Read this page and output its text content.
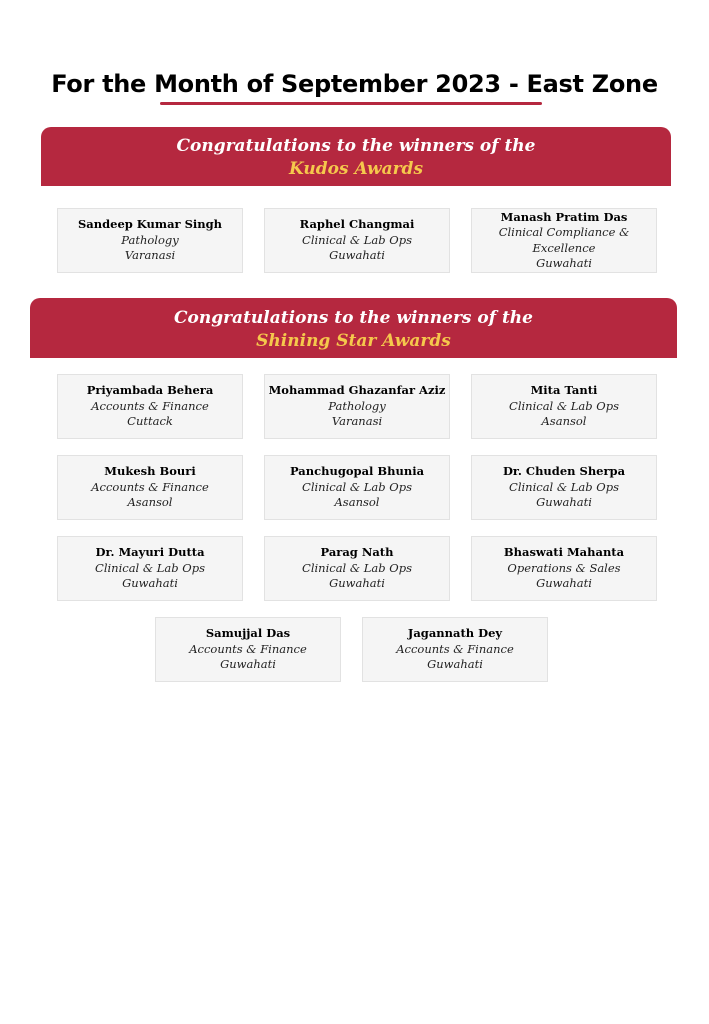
For the Month of September 2023 - East Zone
Congratulations to the winners of the
Kudos Awards
Sandeep Kumar Singh
Pathology
Varanasi
Raphel Changmai
Clinical & Lab Ops
Guwahati
Manash Pratim Das
Clinical Compliance &
Excellence
Guwahati
Congratulations to the winners of the
Shining Star Awards
Priyambada Behera
Accounts & Finance
Cuttack
Mohammad Ghazanfar Aziz
Pathology
Varanasi
Mita Tanti
Clinical & Lab Ops
Asansol
Mukesh Bouri
Accounts & Finance
Asansol
Panchugopal Bhunia
Clinical & Lab Ops
Asansol
Dr. Chuden Sherpa
Clinical & Lab Ops
Guwahati
Dr. Mayuri Dutta
Clinical & Lab Ops
Guwahati
Parag Nath
Clinical & Lab Ops
Guwahati
Bhaswati Mahanta
Operations & Sales
Guwahati
Samujjal Das
Accounts & Finance
Guwahati
Jagannath Dey
Accounts & Finance
Guwahati
